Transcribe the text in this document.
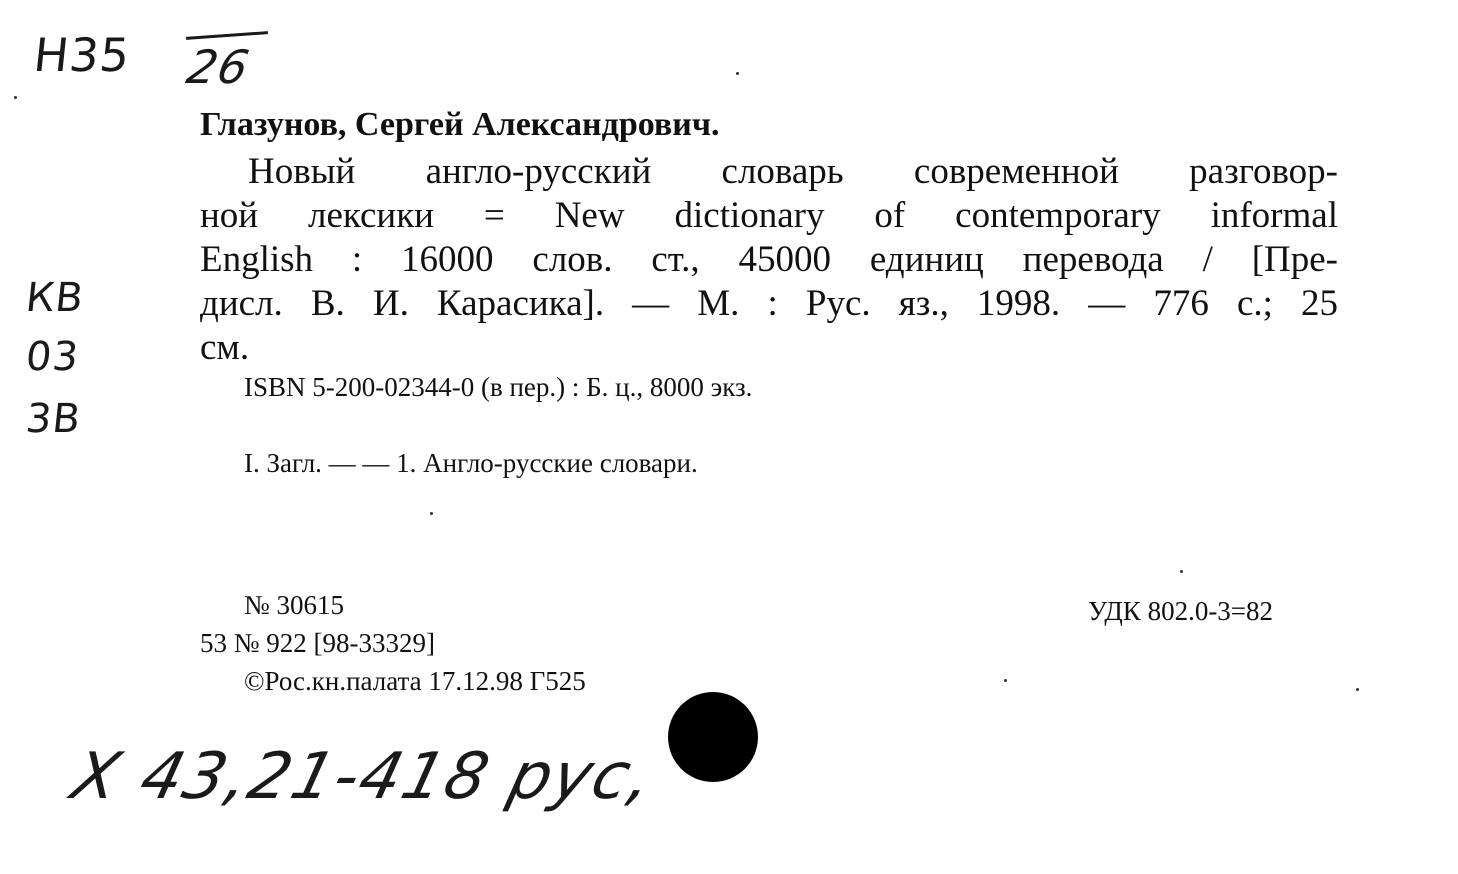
Н35 26
КВ
03
3В
Глазунов, Сергей Александрович.

Новый англо-русский словарь современной разговор-

ной лексики = New dictionary of contemporary informal

English : 16000 слов. ст., 45000 единиц перевода / [Пре-

дисл. В. И. Карасика]. — М. : Рус. яз., 1998. — 776 с.; 25

см.

ISBN 5-200-02344-0 (в пер.) : Б. ц., 8000 экз.
I. Загл. — — 1. Англо-русские словари.
№ 30615
53 № 922 [98-33329]
©Рос.кн.палата 17.12.98 Г525
УДК 802.0-3=82
X 43,21-418 рус,
